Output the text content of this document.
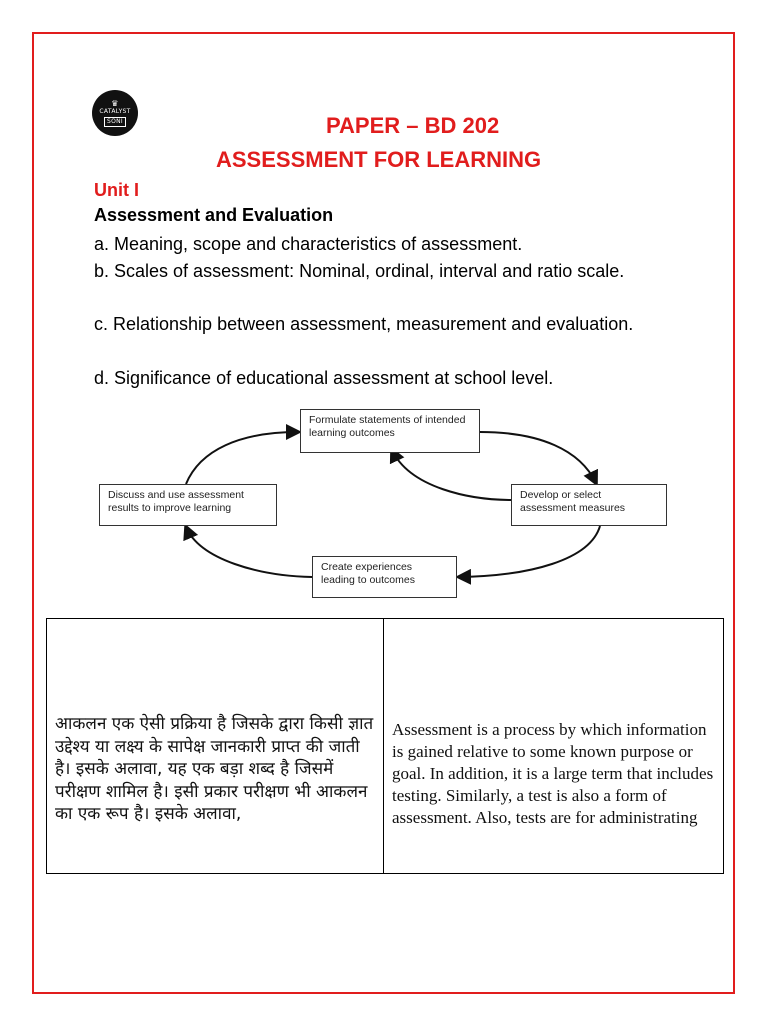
♛
CATALYST
SONI	PAPER – BD 202
ASSESSMENT FOR LEARNING
Unit I
Assessment and Evaluation
a. Meaning, scope and characteristics of assessment.
b. Scales of assessment: Nominal, ordinal, interval and ratio scale.
c. Relationship between assessment, measurement and evaluation.
d. Significance of educational assessment at school level.
Formulate statements of intended learning outcomes
Develop or select assessment measures
Create experiences leading to outcomes
Discuss and use assessment results to improve learning
आकलन एक ऐसी प्रक्रिया है जिसके द्वारा किसी ज्ञात उद्देश्य या लक्ष्य के सापेक्ष जानकारी प्राप्त की जाती है। इसके अलावा, यह एक बड़ा शब्द है जिसमें परीक्षण शामिल है। इसी प्रकार परीक्षण भी आकलन का एक रूप है। इसके अलावा,
Assessment is a process by which information is gained relative to some known purpose or goal. In addition, it is a large term that includes testing. Similarly, a test is also a form of assessment. Also, tests are for administrating
